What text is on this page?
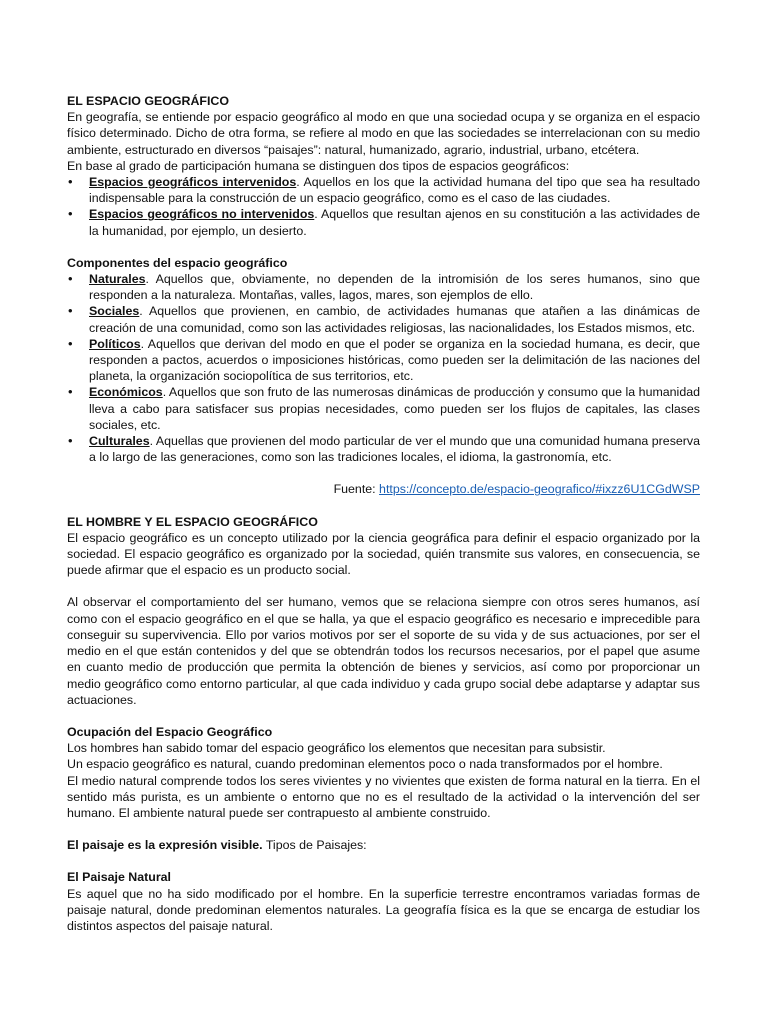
EL ESPACIO GEOGRÁFICO

En geografía, se entiende por espacio geográfico al modo en que una sociedad ocupa y se organiza en el espacio físico determinado. Dicho de otra forma, se refiere al modo en que las sociedades se interrelacionan con su medio ambiente, estructurado en diversos “paisajes”: natural, humanizado, agrario, industrial, urbano, etcétera.

En base al grado de participación humana se distinguen dos tipos de espacios geográficos:

• Espacios geográficos intervenidos. Aquellos en los que la actividad humana del tipo que sea ha resultado indispensable para la construcción de un espacio geográfico, como es el caso de las ciudades.
• Espacios geográficos no intervenidos. Aquellos que resultan ajenos en su constitución a las actividades de la humanidad, por ejemplo, un desierto.

Componentes del espacio geográfico

• Naturales. Aquellos que, obviamente, no dependen de la intromisión de los seres humanos, sino que responden a la naturaleza. Montañas, valles, lagos, mares, son ejemplos de ello.
• Sociales. Aquellos que provienen, en cambio, de actividades humanas que atañen a las dinámicas de creación de una comunidad, como son las actividades religiosas, las nacionalidades, los Estados mismos, etc.
• Políticos. Aquellos que derivan del modo en que el poder se organiza en la sociedad humana, es decir, que responden a pactos, acuerdos o imposiciones históricas, como pueden ser la delimitación de las naciones del planeta, la organización sociopolítica de sus territorios, etc.
• Económicos. Aquellos que son fruto de las numerosas dinámicas de producción y consumo que la humanidad lleva a cabo para satisfacer sus propias necesidades, como pueden ser los flujos de capitales, las clases sociales, etc.
• Culturales. Aquellas que provienen del modo particular de ver el mundo que una comunidad humana preserva a lo largo de las generaciones, como son las tradiciones locales, el idioma, la gastronomía, etc.

Fuente: https://concepto.de/espacio-geografico/#ixzz6U1CGdWSP

EL HOMBRE Y EL ESPACIO GEOGRÁFICO

El espacio geográfico es un concepto utilizado por la ciencia geográfica para definir el espacio organizado por la sociedad. El espacio geográfico es organizado por la sociedad, quién transmite sus valores, en consecuencia, se puede afirmar que el espacio es un producto social.

Al observar el comportamiento del ser humano, vemos que se relaciona siempre con otros seres humanos, así como con el espacio geográfico en el que se halla, ya que el espacio geográfico es necesario e imprecedible para conseguir su supervivencia. Ello por varios motivos por ser el soporte de su vida y de sus actuaciones, por ser el medio en el que están contenidos y del que se obtendrán todos los recursos necesarios, por el papel que asume en cuanto medio de producción que permita la obtención de bienes y servicios, así como por proporcionar un medio geográfico como entorno particular, al que cada individuo y cada grupo social debe adaptarse y adaptar sus actuaciones.

Ocupación del Espacio Geográfico

Los hombres han sabido tomar del espacio geográfico los elementos que necesitan para subsistir.

Un espacio geográfico es natural, cuando predominan elementos poco o nada transformados por el hombre.

El medio natural comprende todos los seres vivientes y no vivientes que existen de forma natural en la tierra. En el sentido más purista, es un ambiente o entorno que no es el resultado de la actividad o la intervención del ser humano. El ambiente natural puede ser contrapuesto al ambiente construido.

El paisaje es la expresión visible. Tipos de Paisajes:

El Paisaje Natural

Es aquel que no ha sido modificado por el hombre. En la superficie terrestre encontramos variadas formas de paisaje natural, donde predominan elementos naturales. La geografía física es la que se encarga de estudiar los distintos aspectos del paisaje natural.
